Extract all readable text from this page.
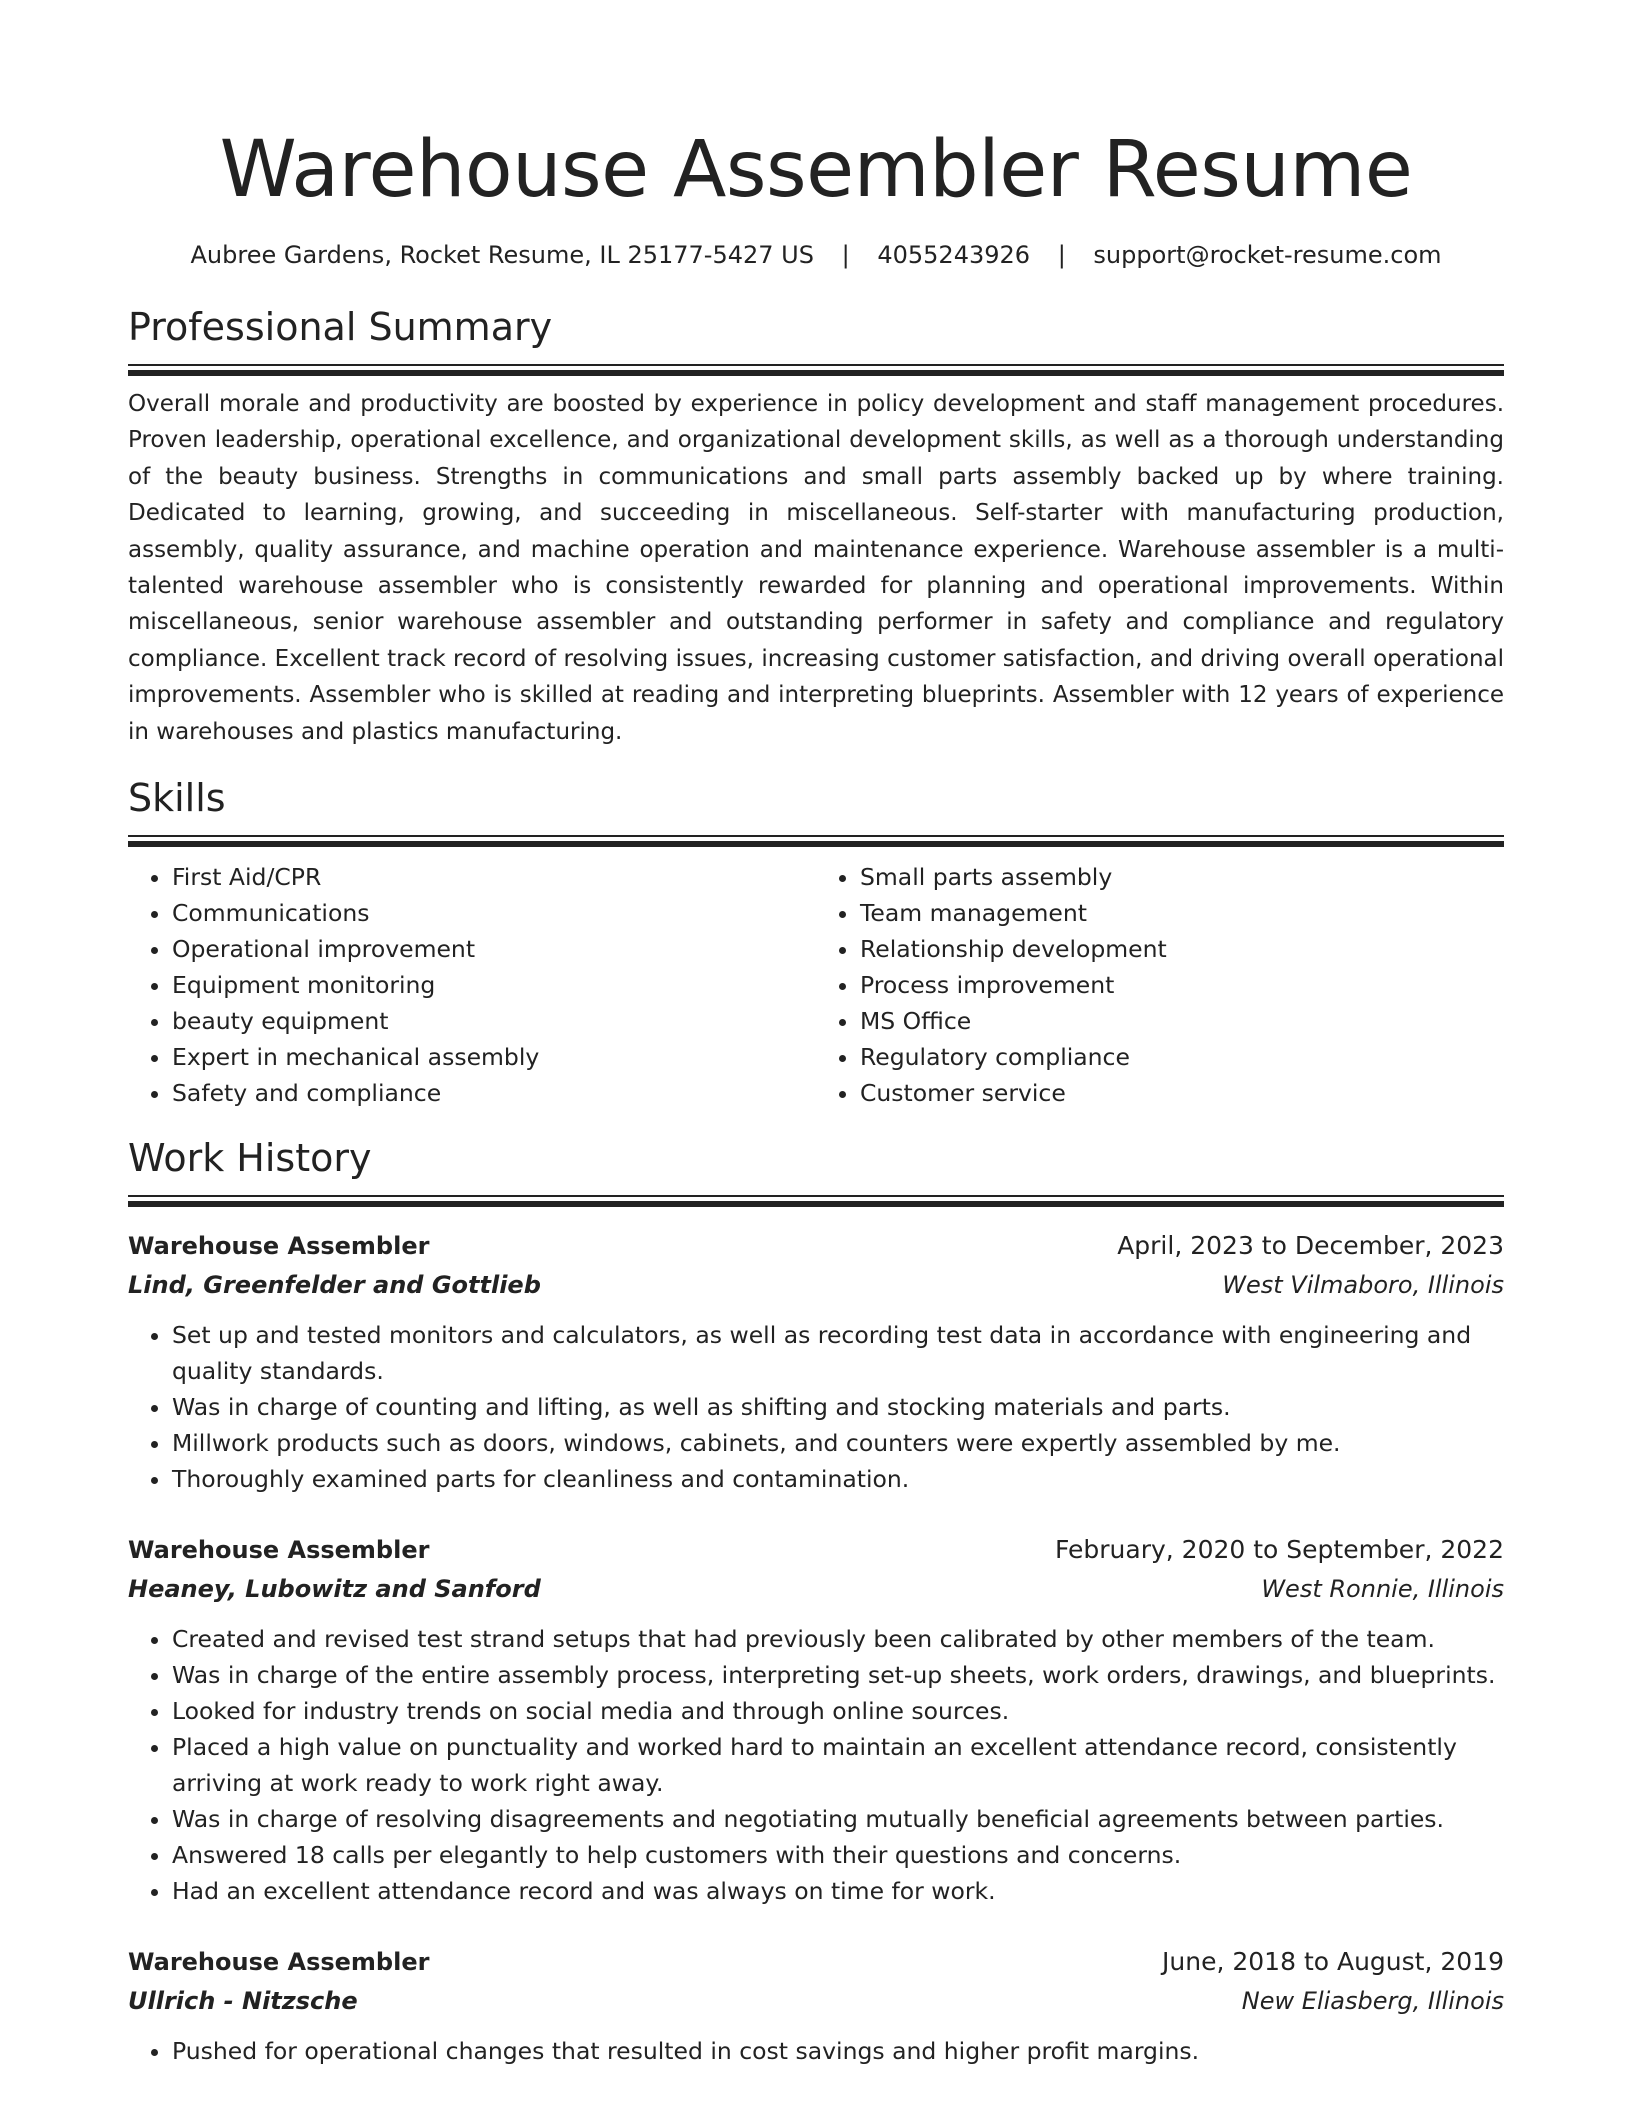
Warehouse Assembler Resume
Aubree Gardens, Rocket Resume, IL 25177-5427 US | 4055243926 | support@rocket-resume.com
Professional Summary

Overall morale and productivity are boosted by experience in policy development and staff management procedures. Proven leadership, operational excellence, and organizational development skills, as well as a thorough understanding of the beauty business. Strengths in communications and small parts assembly backed up by where training. Dedicated to learning, growing, and succeeding in miscellaneous. Self-starter with manufacturing production, assembly, quality assurance, and machine operation and maintenance experience. Warehouse assembler is a multi-talented warehouse assembler who is consistently rewarded for planning and operational improvements. Within miscellaneous, senior warehouse assembler and outstanding performer in safety and compliance and regulatory compliance. Excellent track record of resolving issues, increasing customer satisfaction, and driving overall operational improvements. Assembler who is skilled at reading and interpreting blueprints. Assembler with 12 years of experience in warehouses and plastics manufacturing.

Skills
• First Aid/CPR
• Communications
• Operational improvement
• Equipment monitoring
• beauty equipment
• Expert in mechanical assembly
• Safety and compliance
• Small parts assembly
• Team management
• Relationship development
• Process improvement
• MS Office
• Regulatory compliance
• Customer service
Work History
Warehouse Assembler	April, 2023 to December, 2023
Lind, Greenfelder and Gottlieb	West Vilmaboro, Illinois
• Set up and tested monitors and calculators, as well as recording test data in accordance with engineering and quality standards.
• Was in charge of counting and lifting, as well as shifting and stocking materials and parts.
• Millwork products such as doors, windows, cabinets, and counters were expertly assembled by me.
• Thoroughly examined parts for cleanliness and contamination.
Warehouse Assembler	February, 2020 to September, 2022
Heaney, Lubowitz and Sanford	West Ronnie, Illinois
• Created and revised test strand setups that had previously been calibrated by other members of the team.
• Was in charge of the entire assembly process, interpreting set-up sheets, work orders, drawings, and blueprints.
• Looked for industry trends on social media and through online sources.
• Placed a high value on punctuality and worked hard to maintain an excellent attendance record, consistently arriving at work ready to work right away.
• Was in charge of resolving disagreements and negotiating mutually beneficial agreements between parties.
• Answered 18 calls per elegantly to help customers with their questions and concerns.
• Had an excellent attendance record and was always on time for work.
Warehouse Assembler	June, 2018 to August, 2019
Ullrich - Nitzsche	New Eliasberg, Illinois
• Pushed for operational changes that resulted in cost savings and higher profit margins.
